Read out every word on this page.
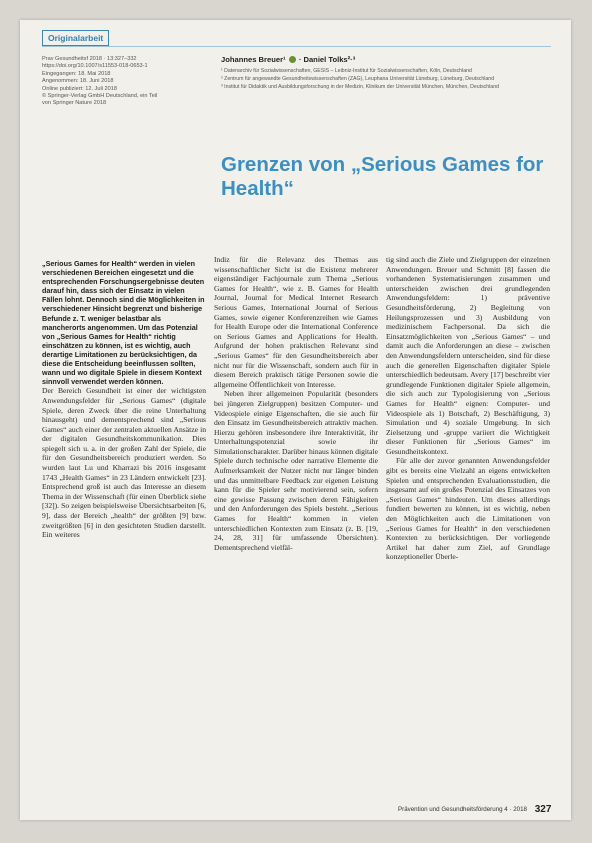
Originalarbeit
Prav Gesundheitsf 2018 · 13:327–332
https://doi.org/10.1007/s11553-018-0653-1
Eingegangen: 18. Mai 2018
Angenommen: 18. Juni 2018
Online publiziert: 12. Juli 2018
© Springer-Verlag GmbH Deutschland, ein Teil
von Springer Nature 2018
Johannes Breuer¹ · Daniel Tolks²·³

¹ Datenarchiv für Sozialwissenschaften, GESIS – Leibniz-Institut für Sozialwissenschaften, Köln, Deutschland

² Zentrum für angewandte Gesundheitswissenschaften (ZAG), Leuphana Universität Lüneburg, Lüneburg, Deutschland

³ Institut für Didaktik und Ausbildungsforschung in der Medizin, Klinikum der Universität München, München, Deutschland

Grenzen von „Serious Games for Health“

„Serious Games for Health“ werden in vielen verschiedenen Bereichen eingesetzt und die entsprechenden Forschungsergebnisse deuten darauf hin, dass sich der Einsatz in vielen Fällen lohnt. Dennoch sind die Möglichkeiten in verschiedener Hinsicht begrenzt und bisherige Befunde z. T. weniger belastbar als mancherorts angenommen. Um das Potenzial von „Serious Games for Health“ richtig einschätzen zu können, ist es wichtig, auch derartige Limitationen zu berücksichtigen, da diese die Entscheidung beeinflussen sollten, wann und wo digitale Spiele in diesem Kontext sinnvoll verwendet werden können.

Der Bereich Gesundheit ist einer der wichtigsten Anwendungsfelder für „Serious Games“ (digitale Spiele, deren Zweck über die reine Unterhaltung hinausgeht) und dementsprechend sind „Serious Games“ auch einer der zentralen aktuellen Ansätze in der digitalen Gesundheitskommunikation. Dies spiegelt sich u. a. in der großen Zahl der Spiele, die für den Gesundheitsbereich produziert werden. So wurden laut Lu und Kharrazi bis 2016 insgesamt 1743 „Health Games“ in 23 Ländern entwickelt [23]. Entsprechend groß ist auch das Interesse an diesem Thema in der Wissenschaft (für einen Überblick siehe [32]). So zeigen beispielsweise Übersichtsarbeiten [6, 9], dass der Bereich „health“ der größten [9] bzw. zweitgrößten [6] in den gesichteten Studien darstellt. Ein weiteres

Indiz für die Relevanz des Themas aus wissenschaftlicher Sicht ist die Existenz mehrerer eigenständiger Fachjournale zum Thema „Serious Games for Health“, wie z. B. Games for Health Journal, Journal for Medical Internet Research Serious Games, International Journal of Serious Games, sowie eigener Konferenzreihen wie Games for Health Europe oder die International Conference on Serious Games and Applications for Health. Aufgrund der hohen praktischen Relevanz sind „Serious Games“ für den Gesundheitsbereich aber nicht nur für die Wissenschaft, sondern auch für in diesem Bereich praktisch tätige Personen sowie die allgemeine Öffentlichkeit von Interesse.

Neben ihrer allgemeinen Popularität (besonders bei jüngeren Zielgruppen) besitzen Computer- und Videospiele einige Eigenschaften, die sie auch für den Einsatz im Gesundheitsbereich attraktiv machen. Hierzu gehören insbesondere ihre Interaktivität, ihr Unterhaltungspotenzial sowie ihr Simulationscharakter. Darüber hinaus können digitale Spiele durch technische oder narrative Elemente die Aufmerksamkeit der Nutzer nicht nur länger binden und das unmittelbare Feedback zur eigenen Leistung kann für die Spieler sehr motivierend sein, sofern eine gewisse Passung zwischen deren Fähigkeiten und den Anforderungen des Spiels besteht. „Serious Games for Health“ kommen in vielen unterschiedlichen Kontexten zum Einsatz (z. B. [19, 24, 28, 31] für umfassende Übersichten). Dementsprechend vielfäl-

tig sind auch die Ziele und Zielgruppen der einzelnen Anwendungen. Breuer und Schmitt [8] fassen die vorhandenen Systematisierungen zusammen und unterscheiden zwischen drei grundlegenden Anwendungsfeldern: 1) präventive Gesundheitsförderung, 2) Begleitung von Heilungsprozessen und 3) Ausbildung von medizinischem Fachpersonal. Da sich die Einsatzmöglichkeiten von „Serious Games“ – und damit auch die Anforderungen an diese – zwischen den Anwendungsfeldern unterscheiden, sind für diese auch die generellen Eigenschaften digitaler Spiele unterschiedlich bedeutsam. Avery [17] beschreibt vier grundlegende Funktionen digitaler Spiele allgemein, die sich auch zur Typologisierung von „Serious Games for Health“ eignen: Computer- und Videospiele als 1) Botschaft, 2) Beschäftigung, 3) Simulation und 4) soziale Umgebung. In sich Zielsetzung und -gruppe variiert die Wichtigkeit dieser Funktionen für „Serious Games“ im Gesundheitskontext.

Für alle der zuvor genannten Anwendungsfelder gibt es bereits eine Vielzahl an eigens entwickelten Spielen und entsprechenden Evaluationsstudien, die insgesamt auf ein großes Potenzial des Einsatzes von „Serious Games“ hindeuten. Um dieses allerdings fundiert bewerten zu können, ist es wichtig, neben den Möglichkeiten auch die Limitationen von „Serious Games for Health“ in den verschiedenen Kontexten zu berücksichtigen. Der vorliegende Artikel hat daher zum Ziel, auf Grundlage konzeptioneller Überle-

Prävention und Gesundheitsförderung 4 · 2018 327
